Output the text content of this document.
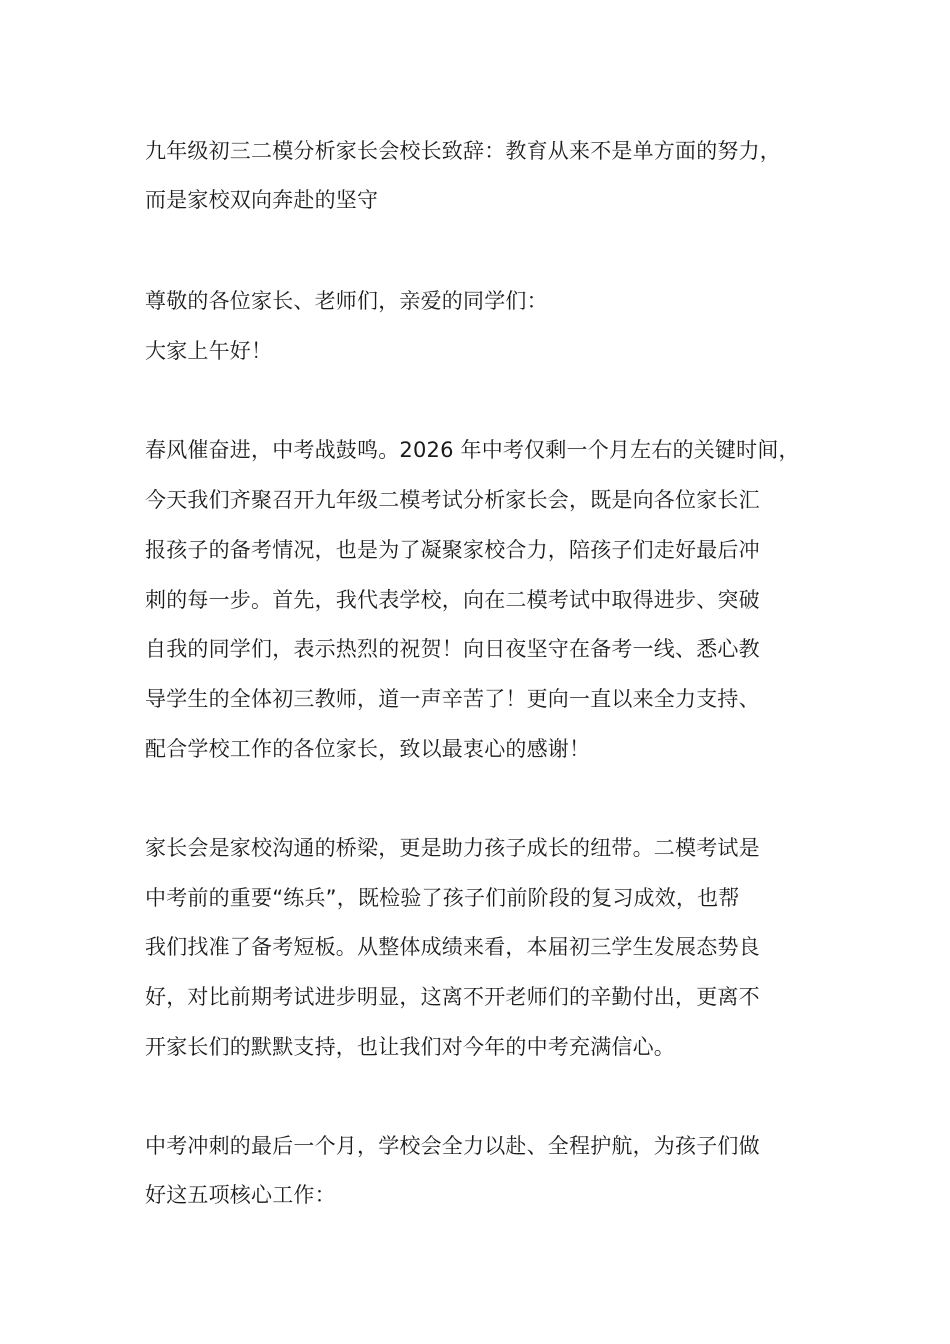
九年级初三二模分析家长会校长致辞：教育从来不是单方面的努力，
而是家校双向奔赴的坚守
尊敬的各位家长、老师们，亲爱的同学们：
大家上午好！
春风催奋进，中考战鼓鸣。2026 年中考仅剩一个月左右的关键时间，
今天我们齐聚召开九年级二模考试分析家长会，既是向各位家长汇
报孩子的备考情况，也是为了凝聚家校合力，陪孩子们走好最后冲
刺的每一步。首先，我代表学校，向在二模考试中取得进步、突破
自我的同学们，表示热烈的祝贺！向日夜坚守在备考一线、悉心教
导学生的全体初三教师，道一声辛苦了！更向一直以来全力支持、
配合学校工作的各位家长，致以最衷心的感谢！
家长会是家校沟通的桥梁，更是助力孩子成长的纽带。二模考试是
中考前的重要“练兵”，既检验了孩子们前阶段的复习成效，也帮
我们找准了备考短板。从整体成绩来看，本届初三学生发展态势良
好，对比前期考试进步明显，这离不开老师们的辛勤付出，更离不
开家长们的默默支持，也让我们对今年的中考充满信心。
中考冲刺的最后一个月，学校会全力以赴、全程护航，为孩子们做
好这五项核心工作：
